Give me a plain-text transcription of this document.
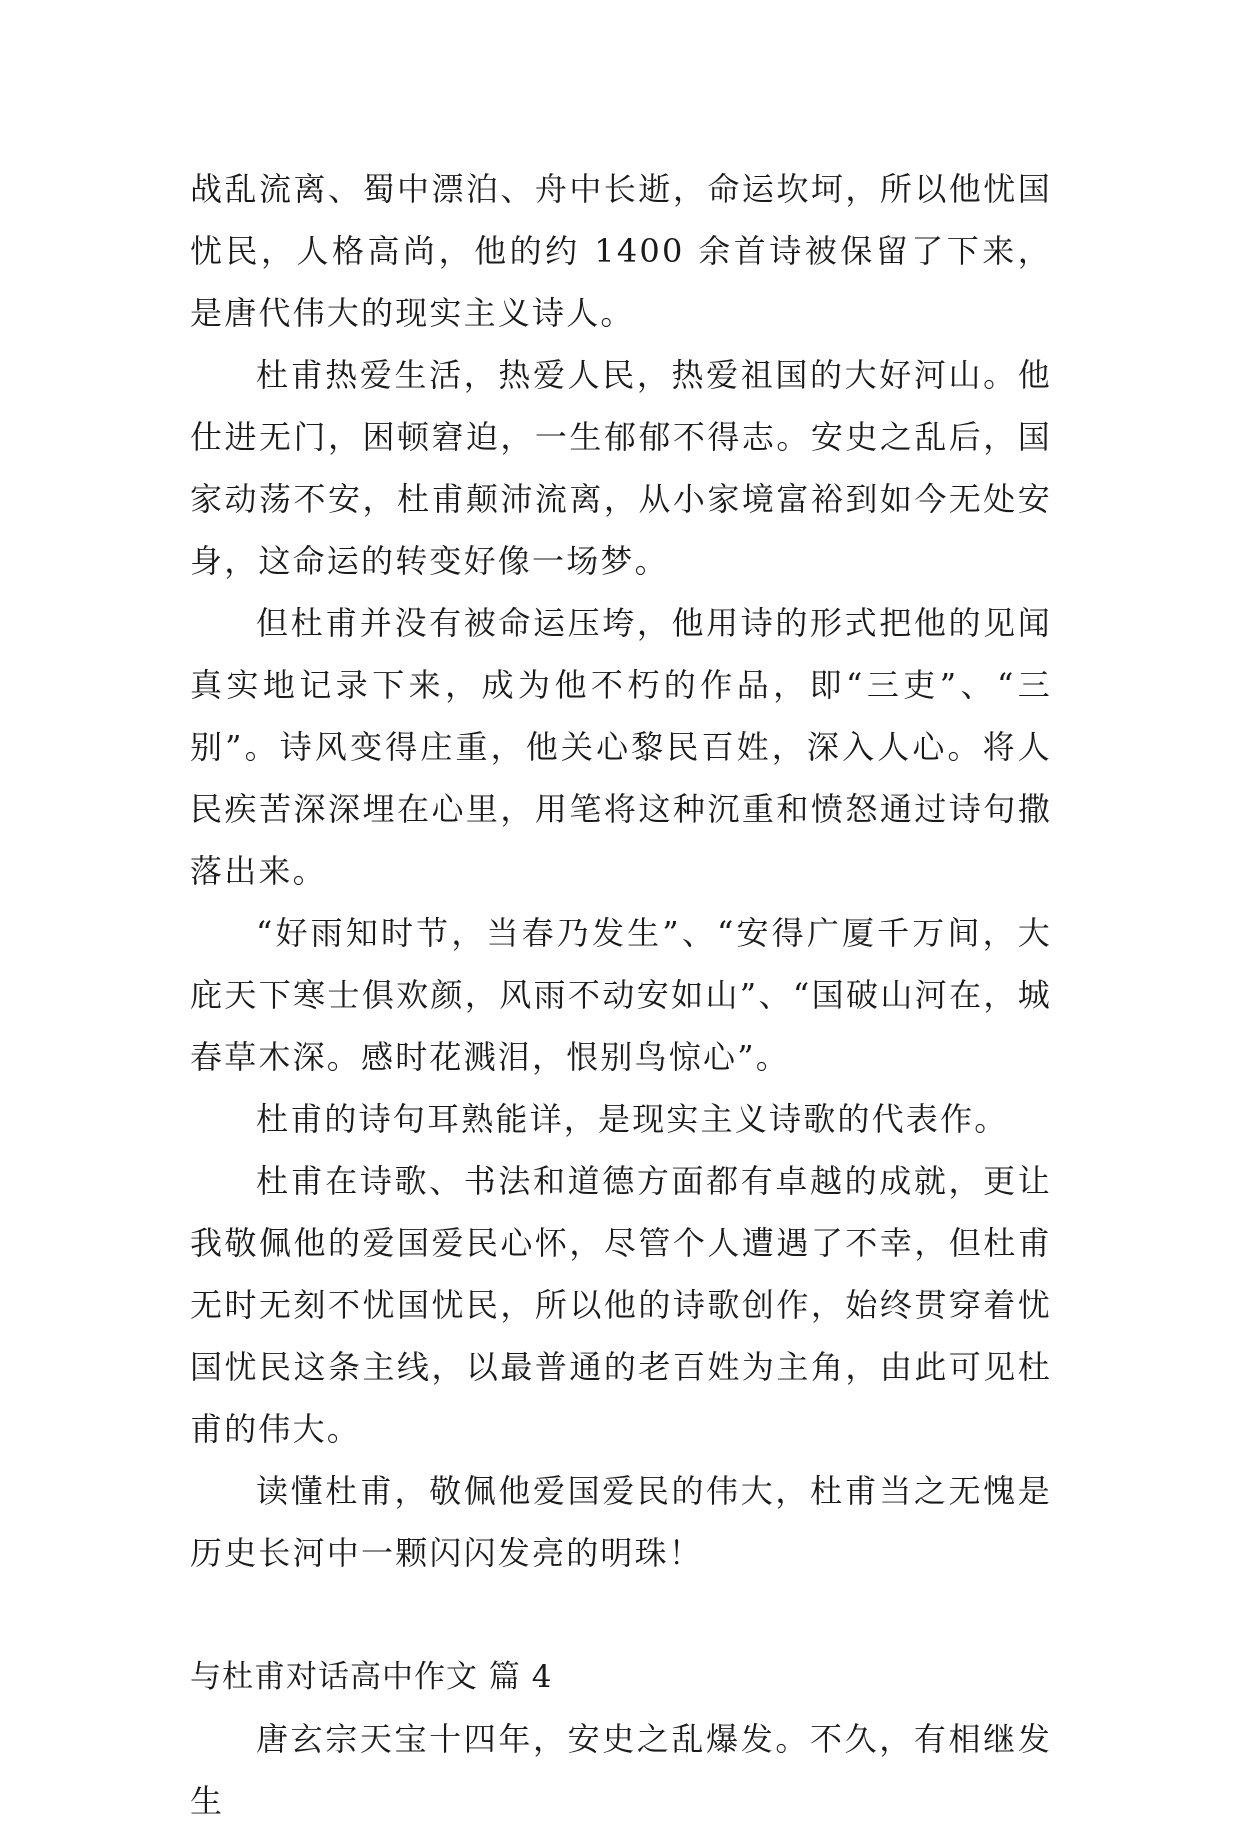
战乱流离、蜀中漂泊、舟中长逝，命运坎坷，所以他忧国忧民，人格高尚，他的约 1400 余首诗被保留了下来，是唐代伟大的现实主义诗人。

杜甫热爱生活，热爱人民，热爱祖国的大好河山。他仕进无门，困顿窘迫，一生郁郁不得志。安史之乱后，国家动荡不安，杜甫颠沛流离，从小家境富裕到如今无处安身，这命运的转变好像一场梦。

但杜甫并没有被命运压垮，他用诗的形式把他的见闻真实地记录下来，成为他不朽的作品，即“三吏”、“三别”。诗风变得庄重，他关心黎民百姓，深入人心。将人民疾苦深深埋在心里，用笔将这种沉重和愤怒通过诗句撒落出来。

“好雨知时节，当春乃发生”、“安得广厦千万间，大庇天下寒士俱欢颜，风雨不动安如山”、“国破山河在，城春草木深。感时花溅泪，恨别鸟惊心”。

杜甫的诗句耳熟能详，是现实主义诗歌的代表作。

杜甫在诗歌、书法和道德方面都有卓越的成就，更让我敬佩他的爱国爱民心怀，尽管个人遭遇了不幸，但杜甫无时无刻不忧国忧民，所以他的诗歌创作，始终贯穿着忧国忧民这条主线，以最普通的老百姓为主角，由此可见杜甫的伟大。

读懂杜甫，敬佩他爱国爱民的伟大，杜甫当之无愧是历史长河中一颗闪闪发亮的明珠！

与杜甫对话高中作文 篇 4

唐玄宗天宝十四年，安史之乱爆发。不久，有相继发生
